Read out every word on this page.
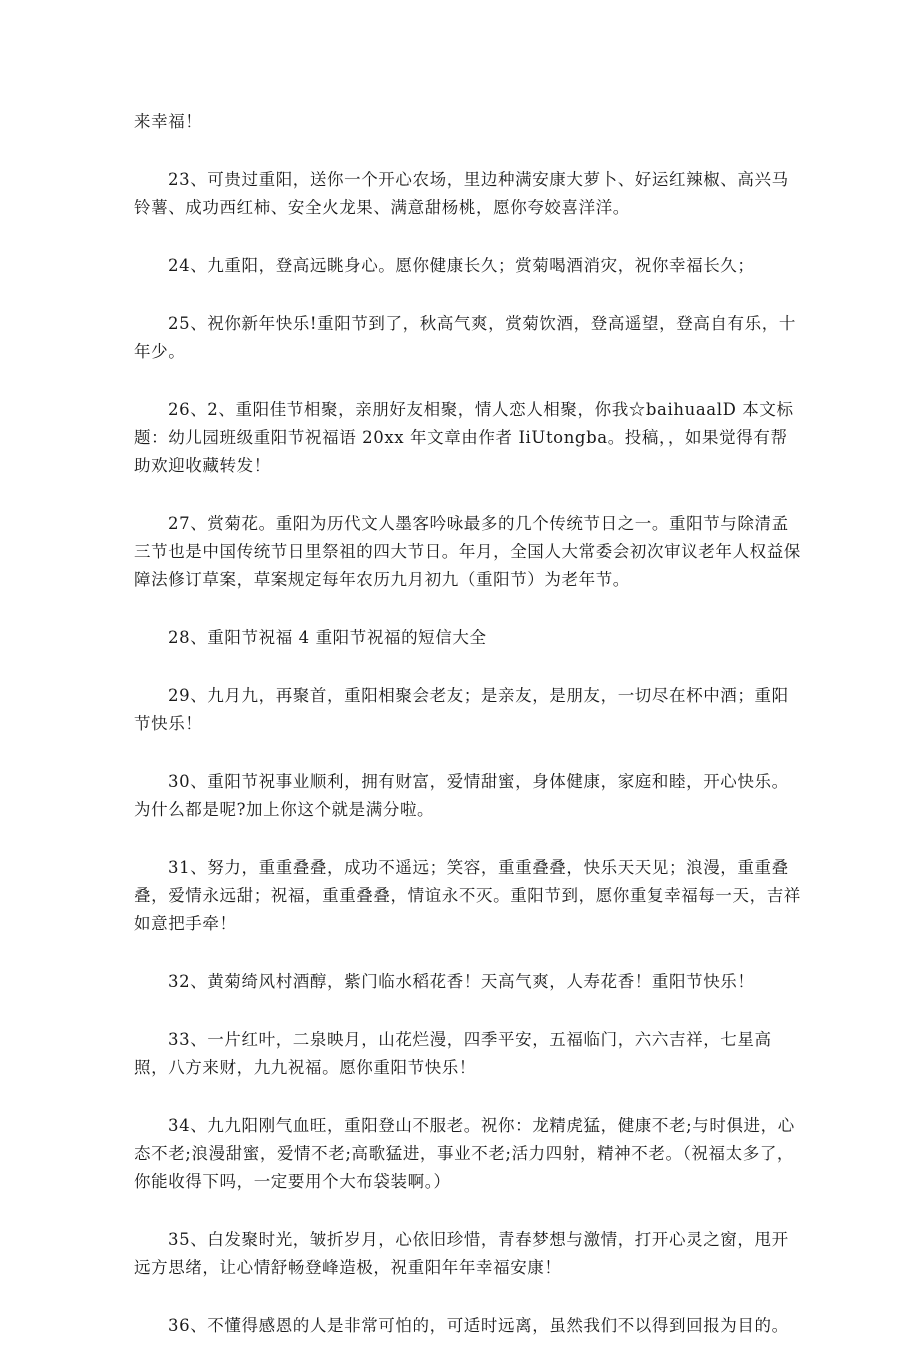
来幸福！

23、可贵过重阳，送你一个开心农场，里边种满安康大萝卜、好运红辣椒、高兴马铃薯、成功西红柿、安全火龙果、满意甜杨桃，愿你夸姣喜洋洋。

24、九重阳，登高远眺身心。愿你健康长久；赏菊喝酒消灾，祝你幸福长久；

25、祝你新年快乐!重阳节到了，秋高气爽，赏菊饮酒，登高遥望，登高自有乐，十年少。

26、2、重阳佳节相聚，亲朋好友相聚，情人恋人相聚，你我☆baihuaalD 本文标题：幼儿园班级重阳节祝福语 20xx 年文章由作者 IiUtongba。投稿，，如果觉得有帮助欢迎收藏转发！

27、赏菊花。重阳为历代文人墨客吟咏最多的几个传统节日之一。重阳节与除清孟三节也是中国传统节日里祭祖的四大节日。年月，全国人大常委会初次审议老年人权益保障法修订草案，草案规定每年农历九月初九（重阳节）为老年节。

28、重阳节祝福 4 重阳节祝福的短信大全

29、九月九，再聚首，重阳相聚会老友；是亲友，是朋友，一切尽在杯中酒；重阳节快乐！

30、重阳节祝事业顺利，拥有财富，爱情甜蜜，身体健康，家庭和睦，开心快乐。为什么都是呢?加上你这个就是满分啦。

31、努力，重重叠叠，成功不遥远；笑容，重重叠叠，快乐天天见；浪漫，重重叠叠，爱情永远甜；祝福，重重叠叠，情谊永不灭。重阳节到，愿你重复幸福每一天，吉祥如意把手牵！

32、黄菊绮风村酒醇，紫门临水稻花香！天高气爽，人寿花香！重阳节快乐！

33、一片红叶，二泉映月，山花烂漫，四季平安，五福临门，六六吉祥，七星高照，八方来财，九九祝福。愿你重阳节快乐！

34、九九阳刚气血旺，重阳登山不服老。祝你：龙精虎猛，健康不老;与时俱进，心态不老;浪漫甜蜜，爱情不老;高歌猛进，事业不老;活力四射，精神不老。（祝福太多了，你能收得下吗，一定要用个大布袋装啊。）

35、白发聚时光，皱折岁月，心依旧珍惜，青春梦想与激情，打开心灵之窗，甩开远方思绪，让心情舒畅登峰造极，祝重阳年年幸福安康！

36、不懂得感恩的人是非常可怕的，可适时远离，虽然我们不以得到回报为目的。
